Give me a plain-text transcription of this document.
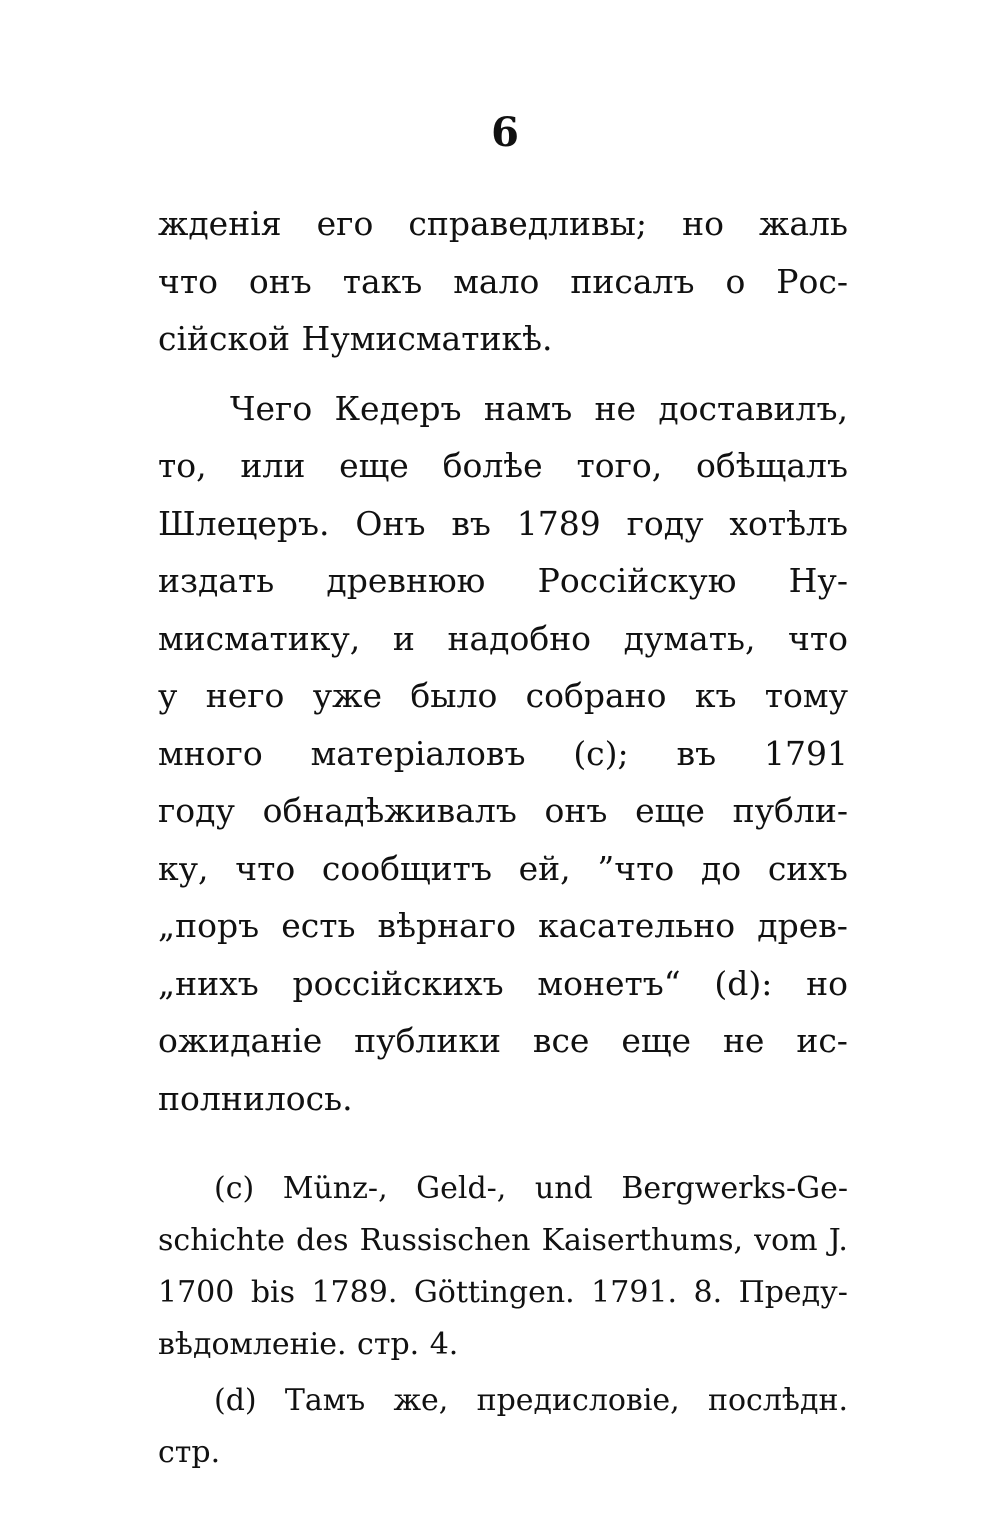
6
жденія его справедливы; но жаль
что онъ такъ мало писалъ о Рос-
сійской Нумисматикѣ.
Чего Кедеръ намъ не доставилъ,
то, или еще болѣе того, обѣщалъ
Шлецеръ. Онъ въ 1789 году хотѣлъ
издать древнюю Россійскую Ну-
мисматику, и надобно думать, что
у него уже было собрано къ тому
много матеріаловъ (c); въ 1791
году обнадѣживалъ онъ еще публи-
ку, что сообщитъ ей, ”что до сихъ
„поръ есть вѣрнаго касательно древ-
„нихъ россійскихъ монетъ“ (d): но
ожиданіе публики все еще не ис-
полнилось.
(c) Münz-, Geld-, und Bergwerks-Ge-
schichte des Russischen Kaiserthums, vom J.
1700 bis 1789. Göttingen. 1791. 8. Преду-
вѣдомленіе. стр. 4.
(d) Тамъ же, предисловіе, послѣдн.
стр.
